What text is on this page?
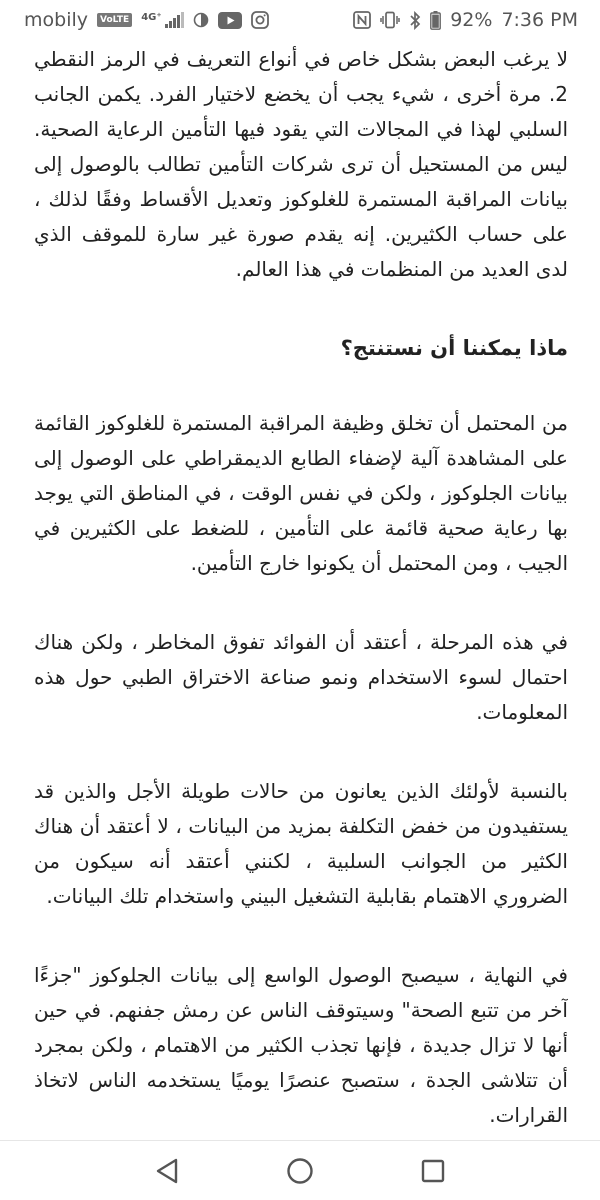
mobily	VoLTE	4G⁺	92% 7:36 PM

لا يرغب البعض بشكل خاص في أنواع التعريف في الرمز النقطي 2. مرة أخرى ، شيء يجب أن يخضع لاختيار الفرد. يكمن الجانب السلبي لهذا في المجالات التي يقود فيها التأمين الرعاية الصحية. ليس من المستحيل أن ترى شركات التأمين تطالب بالوصول إلى بيانات المراقبة المستمرة للغلوكوز وتعديل الأقساط وفقًا لذلك ، على حساب الكثيرين. إنه يقدم صورة غير سارة للموقف الذي لدى العديد من المنظمات في هذا العالم.

ماذا يمكننا أن نستنتج؟

من المحتمل أن تخلق وظيفة المراقبة المستمرة للغلوكوز القائمة على المشاهدة آلية لإضفاء الطابع الديمقراطي على الوصول إلى بيانات الجلوكوز ، ولكن في نفس الوقت ، في المناطق التي يوجد بها رعاية صحية قائمة على التأمين ، للضغط على الكثيرين في الجيب ، ومن المحتمل أن يكونوا خارج التأمين.

في هذه المرحلة ، أعتقد أن الفوائد تفوق المخاطر ، ولكن هناك احتمال لسوء الاستخدام ونمو صناعة الاختراق الطبي حول هذه المعلومات.

بالنسبة لأولئك الذين يعانون من حالات طويلة الأجل والذين قد يستفيدون من خفض التكلفة بمزيد من البيانات ، لا أعتقد أن هناك الكثير من الجوانب السلبية ، لكنني أعتقد أنه سيكون من الضروري الاهتمام بقابلية التشغيل البيني واستخدام تلك البيانات.

في النهاية ، سيصبح الوصول الواسع إلى بيانات الجلوكوز "جزءًا آخر من تتبع الصحة" وسيتوقف الناس عن رمش جفنهم. في حين أنها لا تزال جديدة ، فإنها تجذب الكثير من الاهتمام ، ولكن بمجرد أن تتلاشى الجدة ، ستصبح عنصرًا يوميًا يستخدمه الناس لاتخاذ القرارات.
